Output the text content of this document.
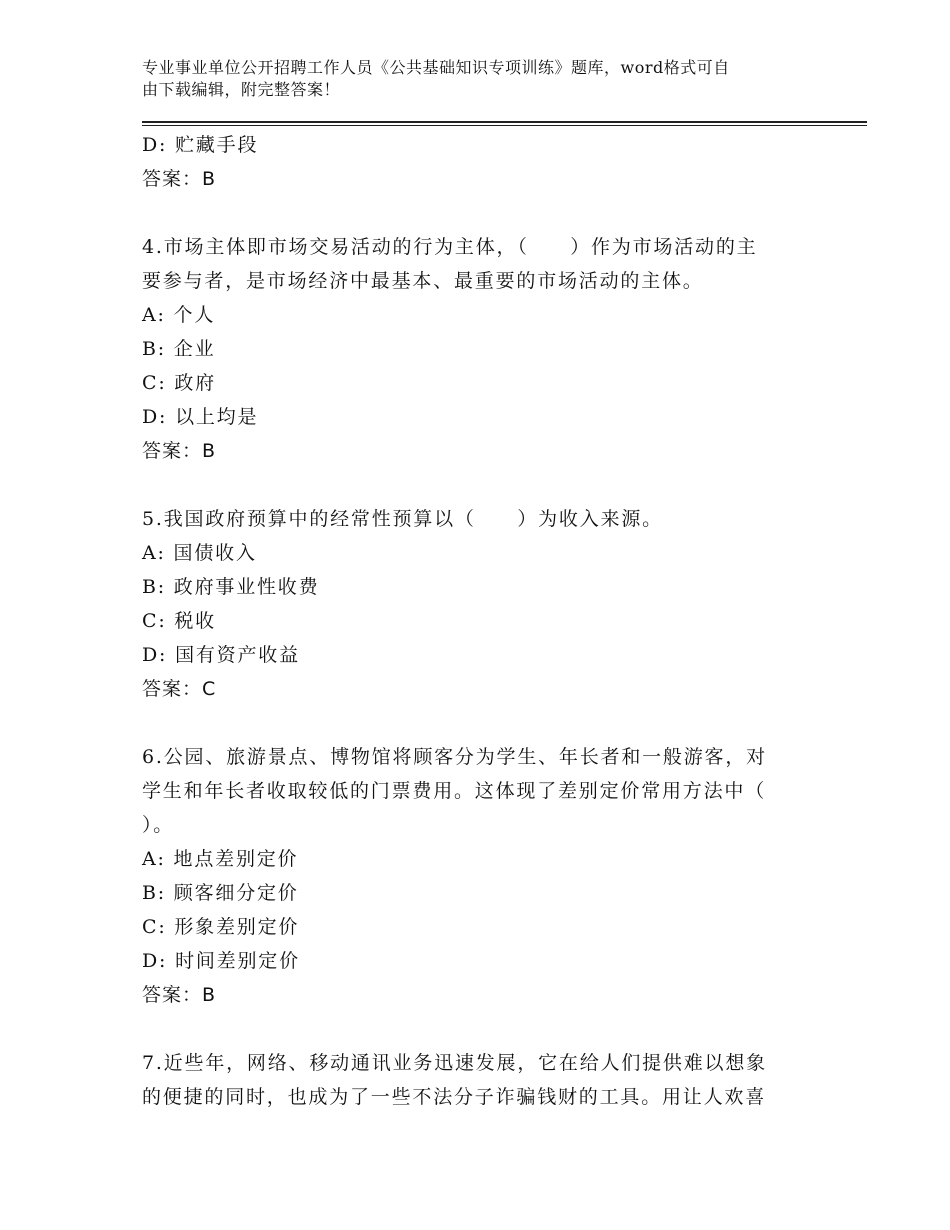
专业事业单位公开招聘工作人员《公共基础知识专项训练》题库，word格式可自
由下载编辑，附完整答案！
D: 贮藏手段
答案：B
4.市场主体即市场交易活动的行为主体，（　　）作为市场活动的主
要参与者，是市场经济中最基本、最重要的市场活动的主体。
A: 个人
B: 企业
C: 政府
D: 以上均是
答案：B
5.我国政府预算中的经常性预算以（　　）为收入来源。
A: 国债收入
B: 政府事业性收费
C: 税收
D: 国有资产收益
答案：C
6.公园、旅游景点、博物馆将顾客分为学生、年长者和一般游客，对
学生和年长者收取较低的门票费用。这体现了差别定价常用方法中（
）。
A: 地点差别定价
B: 顾客细分定价
C: 形象差别定价
D: 时间差别定价
答案：B
7.近些年，网络、移动通讯业务迅速发展，它在给人们提供难以想象
的便捷的同时，也成为了一些不法分子诈骗钱财的工具。用让人欢喜
